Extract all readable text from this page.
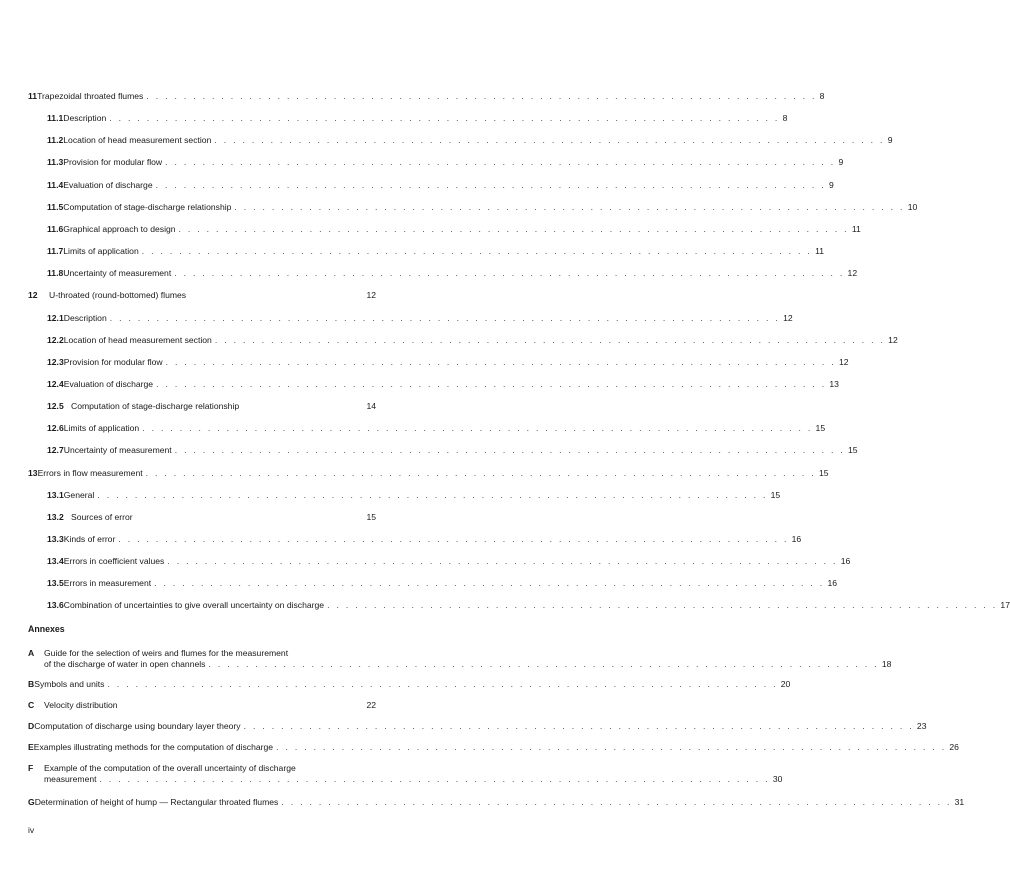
11 Trapezoidal throated flumes . . . . . . . . . . . . . . . . . . . . . . . . . . . . . . . . . . . . . . . . . . . . . . . . . . . . . . . . . . . . . . . . . . . . . . . . 8
11.1 Description . . . . . . . . . . . . . . . . . . . . . . . . . . . . . . . . . . . . . . . . . . . . . . . . . . . . . . . . . . . . . . . . . . . . . . . . 8
11.2 Location of head measurement section . . . . . . . . . . . . . . . . . . . . . . . . . . . . . . . . . . . . . . . . . . . . . . . . . . . . . . . . . . . . . . . . . . . . . . . . 9
11.3 Provision for modular flow . . . . . . . . . . . . . . . . . . . . . . . . . . . . . . . . . . . . . . . . . . . . . . . . . . . . . . . . . . . . . . . . . . . . . . . . 9
11.4 Evaluation of discharge . . . . . . . . . . . . . . . . . . . . . . . . . . . . . . . . . . . . . . . . . . . . . . . . . . . . . . . . . . . . . . . . . . . . . . . . 9
11.5 Computation of stage-discharge relationship . . . . . . . . . . . . . . . . . . . . . . . . . . . . . . . . . . . . . . . . . . . . . . . . . . . . . . . . . . . . . . . . . . . . . . . . 10
11.6 Graphical approach to design . . . . . . . . . . . . . . . . . . . . . . . . . . . . . . . . . . . . . . . . . . . . . . . . . . . . . . . . . . . . . . . . . . . . . . . . 11
11.7 Limits of application . . . . . . . . . . . . . . . . . . . . . . . . . . . . . . . . . . . . . . . . . . . . . . . . . . . . . . . . . . . . . . . . . . . . . . . . 11
11.8 Uncertainty of measurement . . . . . . . . . . . . . . . . . . . . . . . . . . . . . . . . . . . . . . . . . . . . . . . . . . . . . . . . . . . . . . . . . . . . . . . . 12
12	U-throated (round-bottomed) flumes	12
12.1 Description . . . . . . . . . . . . . . . . . . . . . . . . . . . . . . . . . . . . . . . . . . . . . . . . . . . . . . . . . . . . . . . . . . . . . . . . 12
12.2 Location of head measurement section . . . . . . . . . . . . . . . . . . . . . . . . . . . . . . . . . . . . . . . . . . . . . . . . . . . . . . . . . . . . . . . . . . . . . . . . 12
12.3 Provision for modular flow . . . . . . . . . . . . . . . . . . . . . . . . . . . . . . . . . . . . . . . . . . . . . . . . . . . . . . . . . . . . . . . . . . . . . . . . 12
12.4 Evaluation of discharge . . . . . . . . . . . . . . . . . . . . . . . . . . . . . . . . . . . . . . . . . . . . . . . . . . . . . . . . . . . . . . . . . . . . . . . . 13
12.5 Computation of stage-discharge relationship	14
12.6 Limits of application . . . . . . . . . . . . . . . . . . . . . . . . . . . . . . . . . . . . . . . . . . . . . . . . . . . . . . . . . . . . . . . . . . . . . . . . 15
12.7 Uncertainty of measurement . . . . . . . . . . . . . . . . . . . . . . . . . . . . . . . . . . . . . . . . . . . . . . . . . . . . . . . . . . . . . . . . . . . . . . . . 15
13 Errors in flow measurement . . . . . . . . . . . . . . . . . . . . . . . . . . . . . . . . . . . . . . . . . . . . . . . . . . . . . . . . . . . . . . . . . . . . . . . . 15
13.1 General . . . . . . . . . . . . . . . . . . . . . . . . . . . . . . . . . . . . . . . . . . . . . . . . . . . . . . . . . . . . . . . . . . . . . . . . 15
13.2 Sources of error	15
13.3 Kinds of error . . . . . . . . . . . . . . . . . . . . . . . . . . . . . . . . . . . . . . . . . . . . . . . . . . . . . . . . . . . . . . . . . . . . . . . . 16
13.4 Errors in coefficient values . . . . . . . . . . . . . . . . . . . . . . . . . . . . . . . . . . . . . . . . . . . . . . . . . . . . . . . . . . . . . . . . . . . . . . . . 16
13.5 Errors in measurement . . . . . . . . . . . . . . . . . . . . . . . . . . . . . . . . . . . . . . . . . . . . . . . . . . . . . . . . . . . . . . . . . . . . . . . . 16
13.6 Combination of uncertainties to give overall uncertainty on discharge . . . . . . . . . . . . . . . . . . . . . . . . . . . . . . . . . . . . . . . . . . . . . . . . . . . . . . . . . . . . . . . . . . . . . . . . 17
Annexes
A	Guide for the selection of weirs and flumes for the measurement
of the discharge of water in open channels . . . . . . . . . . . . . . . . . . . . . . . . . . . . . . . . . . . . . . . . . . . . . . . . . . . . . . . . . . . . . . . . . . . . . . . . 18
B Symbols and units . . . . . . . . . . . . . . . . . . . . . . . . . . . . . . . . . . . . . . . . . . . . . . . . . . . . . . . . . . . . . . . . . . . . . . . . 20
C	Velocity distribution	22
D Computation of discharge using boundary layer theory . . . . . . . . . . . . . . . . . . . . . . . . . . . . . . . . . . . . . . . . . . . . . . . . . . . . . . . . . . . . . . . . . . . . . . . . 23
E Examples illustrating methods for the computation of discharge . . . . . . . . . . . . . . . . . . . . . . . . . . . . . . . . . . . . . . . . . . . . . . . . . . . . . . . . . . . . . . . . . . . . . . . . 26
F	Example of the computation of the overall uncertainty of discharge
measurement . . . . . . . . . . . . . . . . . . . . . . . . . . . . . . . . . . . . . . . . . . . . . . . . . . . . . . . . . . . . . . . . . . . . . . . . 30
G Determination of height of hump — Rectangular throated flumes . . . . . . . . . . . . . . . . . . . . . . . . . . . . . . . . . . . . . . . . . . . . . . . . . . . . . . . . . . . . . . . . . . . . . . . . 31
iv
